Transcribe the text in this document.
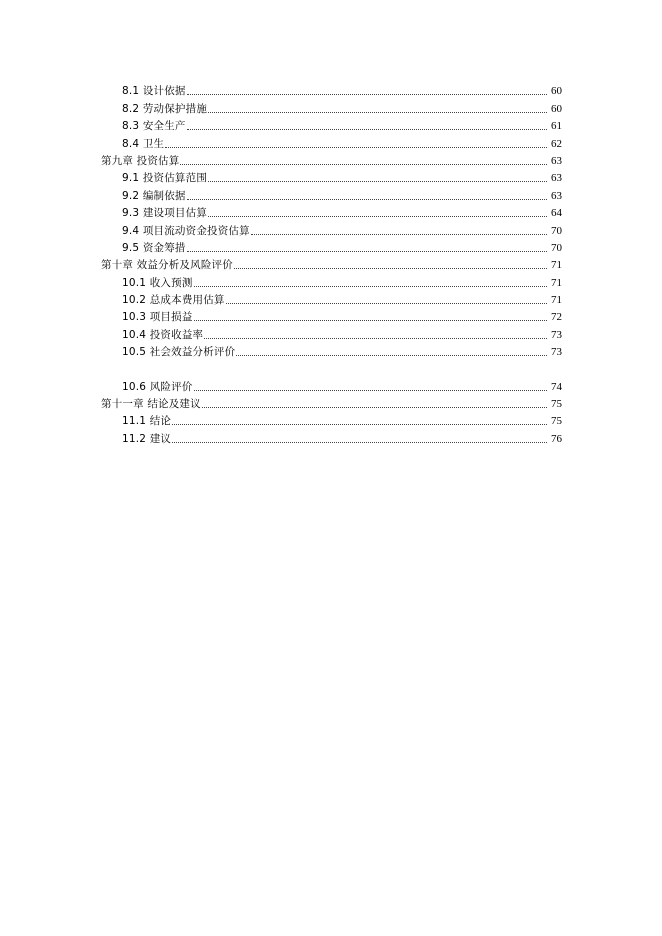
8.1 设计依据	60
8.2 劳动保护措施	60
8.3 安全生产	61
8.4 卫生	62
第九章 投资估算	63
9.1 投资估算范围	63
9.2 编制依据	63
9.3 建设项目估算	64
9.4 项目流动资金投资估算	70
9.5 资金筹措	70
第十章 效益分析及风险评价	71
10.1 收入预测	71
10.2 总成本费用估算	71
10.3 项目损益	72
10.4 投资收益率	73
10.5 社会效益分析评价	73
10.6 风险评价	74
第十一章 结论及建议	75
11.1 结论	75
11.2 建议	76
